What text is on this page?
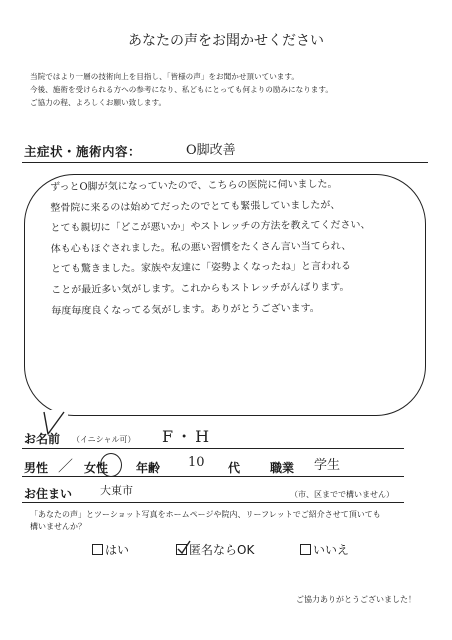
あなたの声をお聞かせください
当院ではより一層の技術向上を目指し、「皆様の声」をお聞かせ頂いています。
今後、施術を受けられる方への参考になり、私どもにとっても何よりの励みになります。
ご協力の程、よろしくお願い致します。
主症状・施術内容：	O脚改善
ずっとO脚が気になっていたので、こちらの医院に伺いました。
整骨院に来るのは始めてだったのでとても緊張していましたが、
とても親切に「どこが悪いか」やストレッチの方法を教えてください、
体も心もほぐされました。私の悪い習慣をたくさん言い当てられ、
とても驚きました。家族や友達に「姿勢よくなったね」と言われる
ことが最近多い気がします。これからもストレッチがんばります。
毎度毎度良くなってる気がします。ありがとうございます。
お名前 （イニシャル可） F・H
男性 ／ 女性 年齢 10 代 職業 学生
お住まい	大東市	（市、区までで構いません）
「あなたの声」とツーショット写真をホームページや院内、リーフレットでご紹介させて頂いても
構いませんか？
はい	匿名ならOK	いいえ
ご協力ありがとうございました！
